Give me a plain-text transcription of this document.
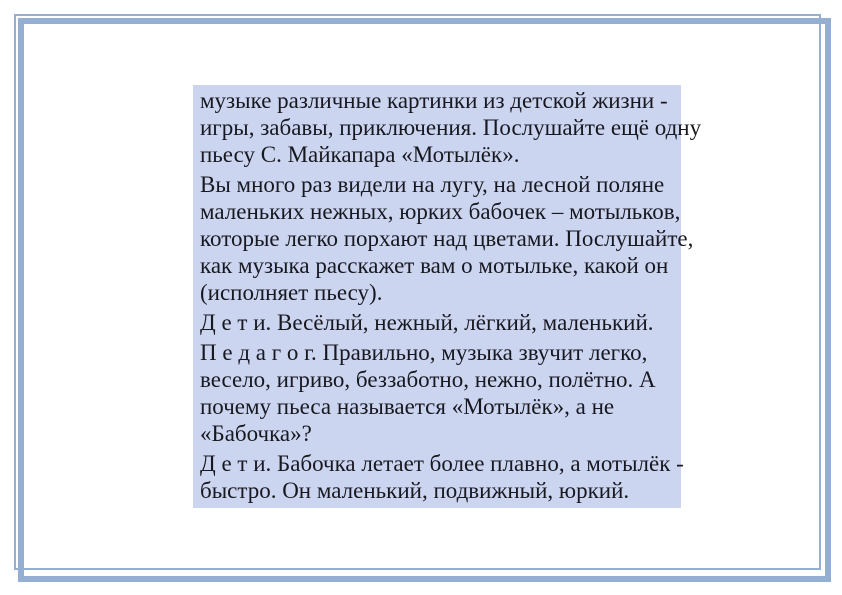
музыке различные картинки из детской жизни -
игры, забавы, приключения. Послушайте ещё одну
пьесу С. Майкапара «Мотылёк».
Вы много раз видели на лугу, на лесной поляне
маленьких нежных, юрких бабочек – мотыльков,
которые легко порхают над цветами. Послушайте,
как музыка расскажет вам о мотыльке, какой он
(исполняет пьесу).
Д е т и. Весёлый, нежный, лёгкий, маленький.
П е д а г о г. Правильно, музыка звучит легко,
весело, игриво, беззаботно, нежно, полётно. А
почему пьеса называется «Мотылёк», а не
«Бабочка»?
Д е т и. Бабочка летает более плавно, а мотылёк -
быстро. Он маленький, подвижный, юркий.
